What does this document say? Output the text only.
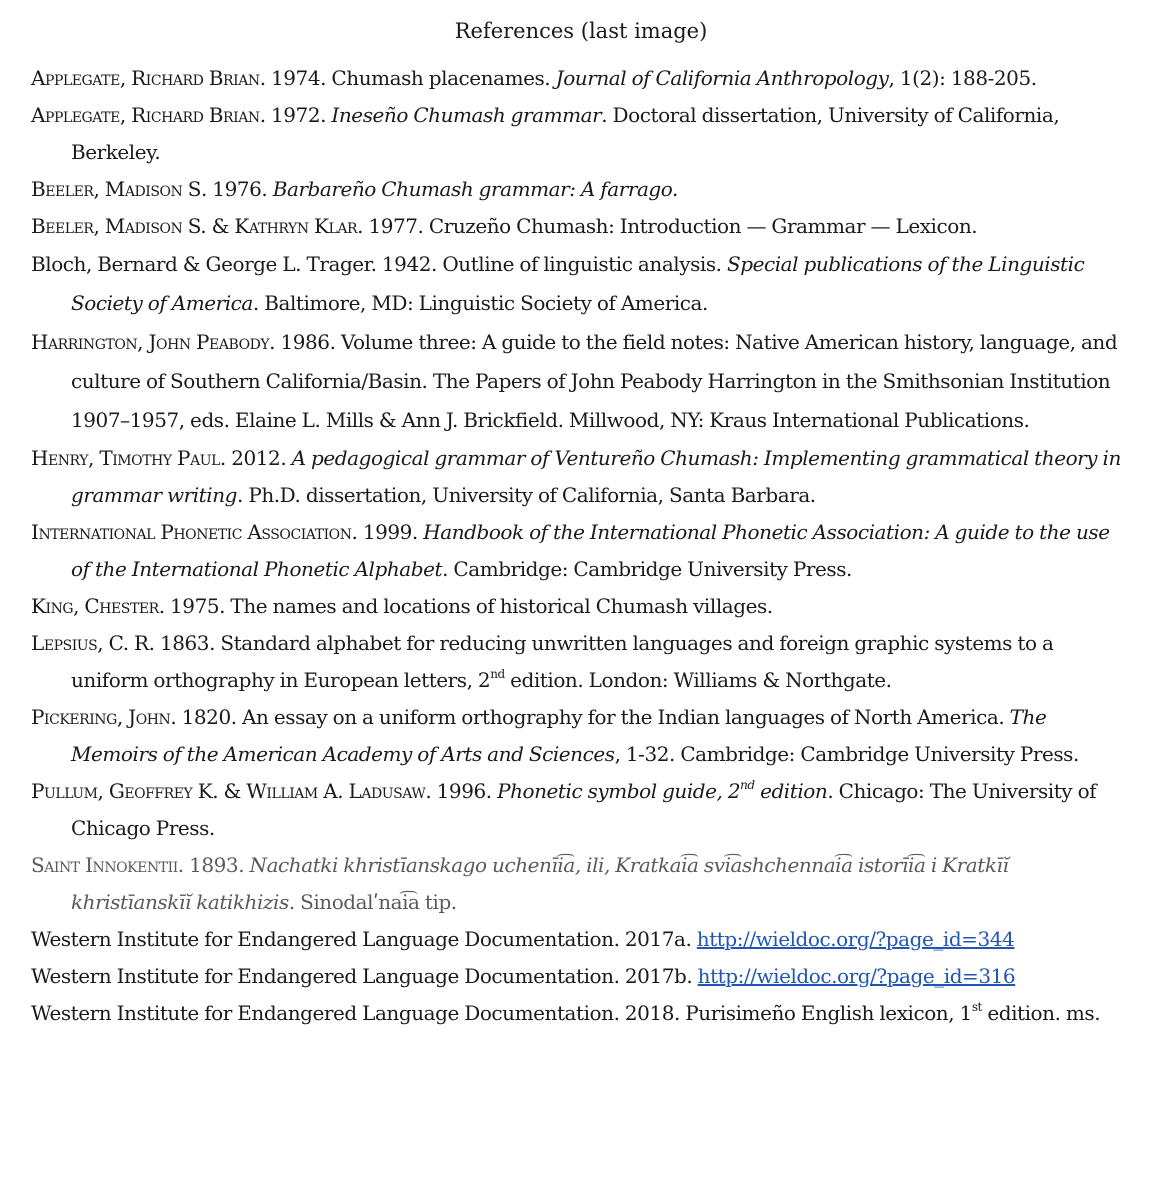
References (last image)
Applegate, Richard Brian. 1974. Chumash placenames. Journal of California Anthropology, 1(2): 188-205.
Applegate, Richard Brian. 1972. Ineseño Chumash grammar. Doctoral dissertation, University of California, Berkeley.
Beeler, Madison S. 1976. Barbareño Chumash grammar: A farrago.
Beeler, Madison S. & Kathryn Klar. 1977. Cruzeño Chumash: Introduction — Grammar — Lexicon.
Bloch, Bernard & George L. Trager. 1942. Outline of linguistic analysis. Special publications of the Linguistic Society of America. Baltimore, MD: Linguistic Society of America.
Harrington, John Peabody. 1986. Volume three: A guide to the field notes: Native American history, language, and culture of Southern California/Basin. The Papers of John Peabody Harrington in the Smithsonian Institution 1907–1957, eds. Elaine L. Mills & Ann J. Brickfield. Millwood, NY: Kraus International Publications.
Henry, Timothy Paul. 2012. A pedagogical grammar of Ventureño Chumash: Implementing grammatical theory in grammar writing. Ph.D. dissertation, University of California, Santa Barbara.
International Phonetic Association. 1999. Handbook of the International Phonetic Association: A guide to the use of the International Phonetic Alphabet. Cambridge: Cambridge University Press.
King, Chester. 1975. The names and locations of historical Chumash villages.
Lepsius, C. R. 1863. Standard alphabet for reducing unwritten languages and foreign graphic systems to a uniform orthography in European letters, 2nd edition. London: Williams & Northgate.
Pickering, John. 1820. An essay on a uniform orthography for the Indian languages of North America. The Memoirs of the American Academy of Arts and Sciences, 1-32. Cambridge: Cambridge University Press.
Pullum, Geoffrey K. & William A. Ladusaw. 1996. Phonetic symbol guide, 2nd edition. Chicago: The University of Chicago Press.
Saint Innokentii. 1893. Nachatki khristīanskago uchenīi͡a, ili, Kratkai͡a svi͡ashchennai͡a istorīi͡a i Kratkīĭ khristīanskīĭ katikhizis. Sinodalʹnai͡a tip.
Western Institute for Endangered Language Documentation. 2017a. http://wieldoc.org/?page_id=344
Western Institute for Endangered Language Documentation. 2017b. http://wieldoc.org/?page_id=316
Western Institute for Endangered Language Documentation. 2018. Purisimeño English lexicon, 1st edition. ms.
